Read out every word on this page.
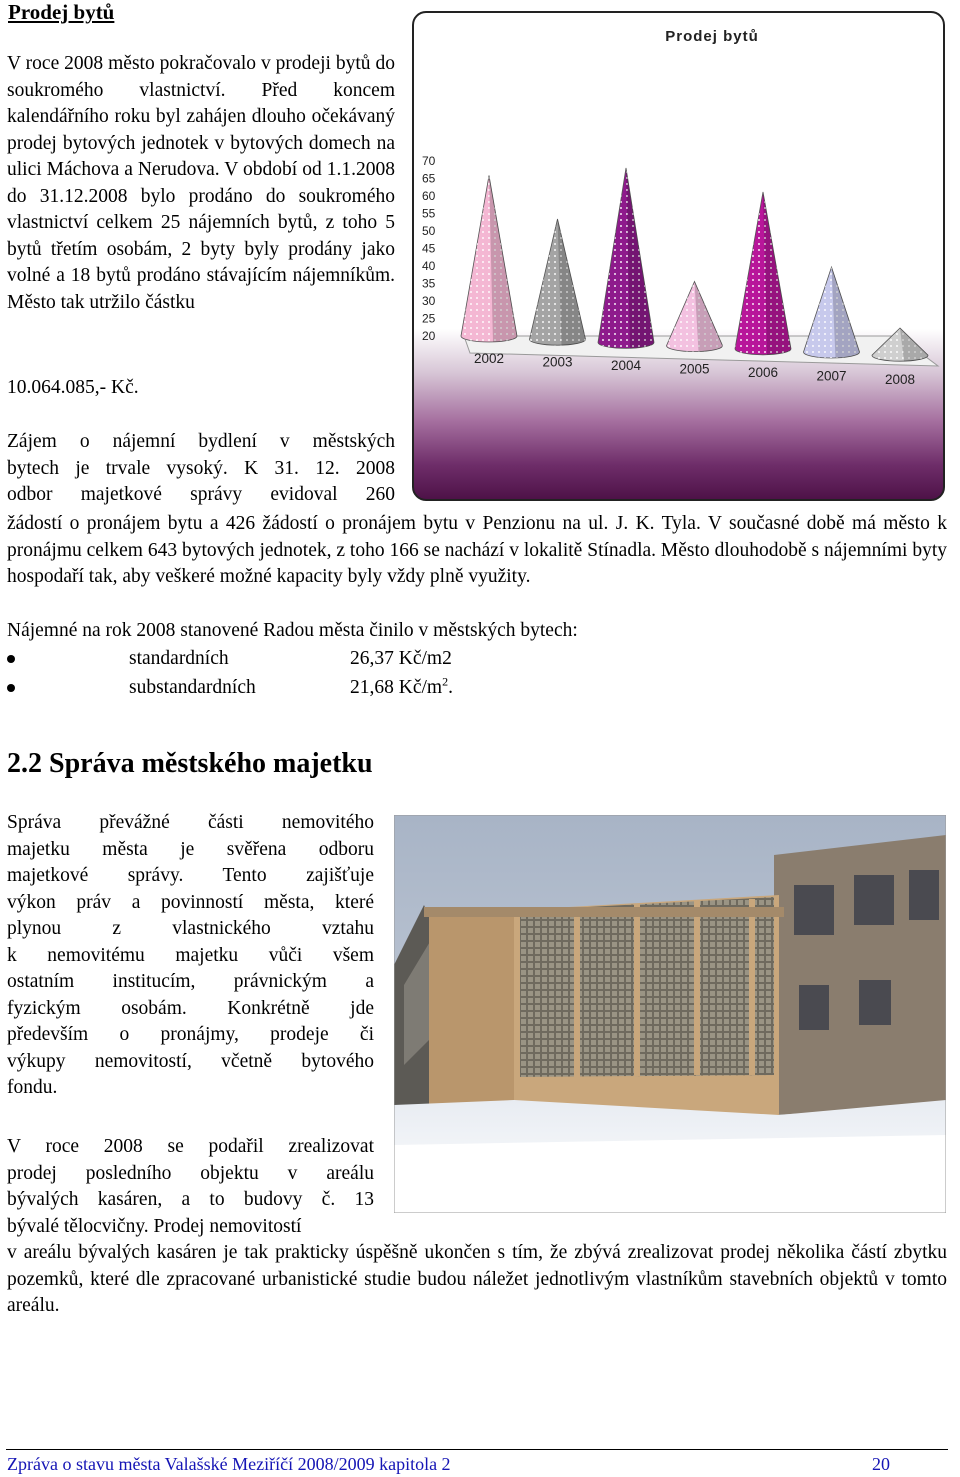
Prodej bytů

V roce 2008 město pokračovalo v prodeji bytů do soukromého vlastnictví. Před koncem kalendářního roku byl zahájen dlouho očekávaný prodej bytových jednotek v bytových domech na ulici Máchova a Nerudova. V období od 1.1.2008 do 31.12.2008 bylo prodáno do soukromého vlastnictví celkem 25 nájemních bytů, z toho 5 bytů třetím osobám, 2 byty byly prodány jako volné a 18 bytů prodáno stávajícím nájemníkům. Město tak utržilo částku

10.064.085,- Kč.

Prodej bytů
20
25
30
35
40
45
50
55
60
65
70
2002	2003	2004	2005	2006	2007	2008
Zájem o nájemní bydlení v městských
bytech je trvale vysoký. K 31. 12. 2008
odbor majetkové správy evidoval 260

žádostí o pronájem bytu a 426 žádostí o pronájem bytu v Penzionu na ul. J. K. Tyla. V současné době má město k pronájmu celkem 643 bytových jednotek, z toho 166 se nachází v lokalitě Stínadla. Město dlouhodobě s nájemními byty hospodaří tak, aby veškeré možné kapacity byly vždy plně využity.

Nájemné na rok 2008 stanovené Radou města činilo v městských bytech:

standardních	26,37 Kč/m2
substandardních	21,68 $Kč/m^2$.
2.2 Správa městského majetku
Správa převážné části nemovitého
majetku města je svěřena odboru
majetkové správy. Tento zajišťuje
výkon práv a povinností města, které
plynou z vlastnického vztahu
k nemovitému majetku vůči všem
ostatním institucím, právnickým a
fyzickým osobám. Konkrétně jde
především o pronájmy, prodeje či
výkupy nemovitostí, včetně bytového
fondu.
V roce 2008 se podařil zrealizovat
prodej posledního objektu v areálu
bývalých kasáren, a to budovy č. 13
bývalé tělocvičny. Prodej nemovitostí

v areálu bývalých kasáren je tak prakticky úspěšně ukončen s tím, že zbývá zrealizovat prodej několika částí zbytku pozemků, které dle zpracované urbanistické studie budou náležet jednotlivým vlastníkům stavebních objektů v tomto areálu.

Zpráva o stavu města Valašské Meziříčí 2008/2009 kapitola 2	20
